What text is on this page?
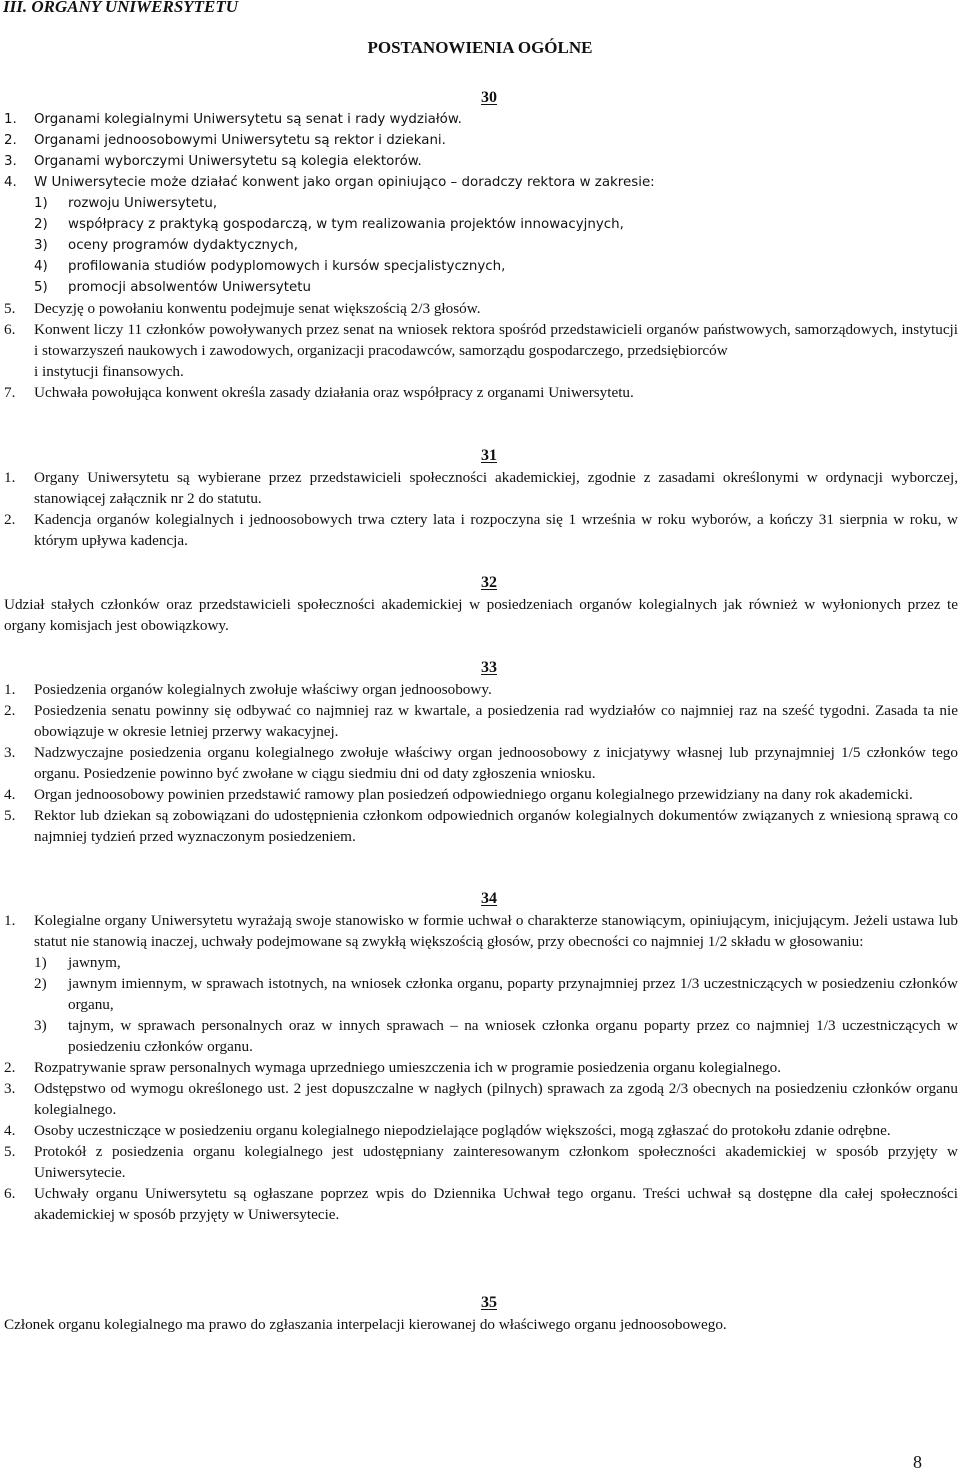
III. ORGANY UNIWERSYTETU
POSTANOWIENIA OGÓLNE
30
1. Organami kolegialnymi Uniwersytetu są senat i rady wydziałów.
2. Organami jednoosobowymi Uniwersytetu są rektor i dziekani.
3. Organami wyborczymi Uniwersytetu są kolegia elektorów.
4. W Uniwersytecie może działać konwent jako organ opiniująco – doradczy rektora w zakresie:
1) rozwoju Uniwersytetu,
2) współpracy z praktyką gospodarczą, w tym realizowania projektów innowacyjnych,
3) oceny programów dydaktycznych,
4) profilowania studiów podyplomowych i kursów specjalistycznych,
5) promocji absolwentów Uniwersytetu
5. Decyzję o powołaniu konwentu podejmuje senat większością 2/3 głosów.
6. Konwent liczy 11 członków powoływanych przez senat na wniosek rektora spośród przedstawicieli organów państwowych, samorządowych, instytucji i stowarzyszeń naukowych i zawodowych, organizacji pracodawców, samorządu gospodarczego, przedsiębiorców
i instytucji finansowych.
7. Uchwała powołująca konwent określa zasady działania oraz współpracy z organami Uniwersytetu.
31
1. Organy Uniwersytetu są wybierane przez przedstawicieli społeczności akademickiej, zgodnie z zasadami określonymi w ordynacji wyborczej, stanowiącej załącznik nr 2 do statutu.
2. Kadencja organów kolegialnych i jednoosobowych trwa cztery lata i rozpoczyna się 1 września w roku wyborów, a kończy 31 sierpnia w roku, w którym upływa kadencja.
32
Udział stałych członków oraz przedstawicieli społeczności akademickiej w posiedzeniach organów kolegialnych jak również w wyłonionych przez te organy komisjach jest obowiązkowy.
33
1. Posiedzenia organów kolegialnych zwołuje właściwy organ jednoosobowy.
2. Posiedzenia senatu powinny się odbywać co najmniej raz w kwartale, a posiedzenia rad wydziałów co najmniej raz na sześć tygodni. Zasada ta nie obowiązuje w okresie letniej przerwy wakacyjnej.
3. Nadzwyczajne posiedzenia organu kolegialnego zwołuje właściwy organ jednoosobowy z inicjatywy własnej lub przynajmniej 1/5 członków tego organu. Posiedzenie powinno być zwołane w ciągu siedmiu dni od daty zgłoszenia wniosku.
4. Organ jednoosobowy powinien przedstawić ramowy plan posiedzeń odpowiedniego organu kolegialnego przewidziany na dany rok akademicki.
5. Rektor lub dziekan są zobowiązani do udostępnienia członkom odpowiednich organów kolegialnych dokumentów związanych z wniesioną sprawą co najmniej tydzień przed wyznaczonym posiedzeniem.
34
1. Kolegialne organy Uniwersytetu wyrażają swoje stanowisko w formie uchwał o charakterze stanowiącym, opiniującym, inicjującym. Jeżeli ustawa lub statut nie stanowią inaczej, uchwały podejmowane są zwykłą większością głosów, przy obecności co najmniej 1/2 składu w głosowaniu:
1) jawnym,
2) jawnym imiennym, w sprawach istotnych, na wniosek członka organu, poparty przynajmniej przez 1/3 uczestniczących w posiedzeniu członków organu,
3) tajnym, w sprawach personalnych oraz w innych sprawach – na wniosek członka organu poparty przez co najmniej 1/3 uczestniczących w posiedzeniu członków organu.
2. Rozpatrywanie spraw personalnych wymaga uprzedniego umieszczenia ich w programie posiedzenia organu kolegialnego.
3. Odstępstwo od wymogu określonego ust. 2 jest dopuszczalne w nagłych (pilnych) sprawach za zgodą 2/3 obecnych na posiedzeniu członków organu kolegialnego.
4. Osoby uczestniczące w posiedzeniu organu kolegialnego niepodzielające poglądów większości, mogą zgłaszać do protokołu zdanie odrębne.
5. Protokół z posiedzenia organu kolegialnego jest udostępniany zainteresowanym członkom społeczności akademickiej w sposób przyjęty w Uniwersytecie.
6. Uchwały organu Uniwersytetu są ogłaszane poprzez wpis do Dziennika Uchwał tego organu. Treści uchwał są dostępne dla całej społeczności akademickiej w sposób przyjęty w Uniwersytecie.
35
Członek organu kolegialnego ma prawo do zgłaszania interpelacji kierowanej do właściwego organu jednoosobowego.
8
